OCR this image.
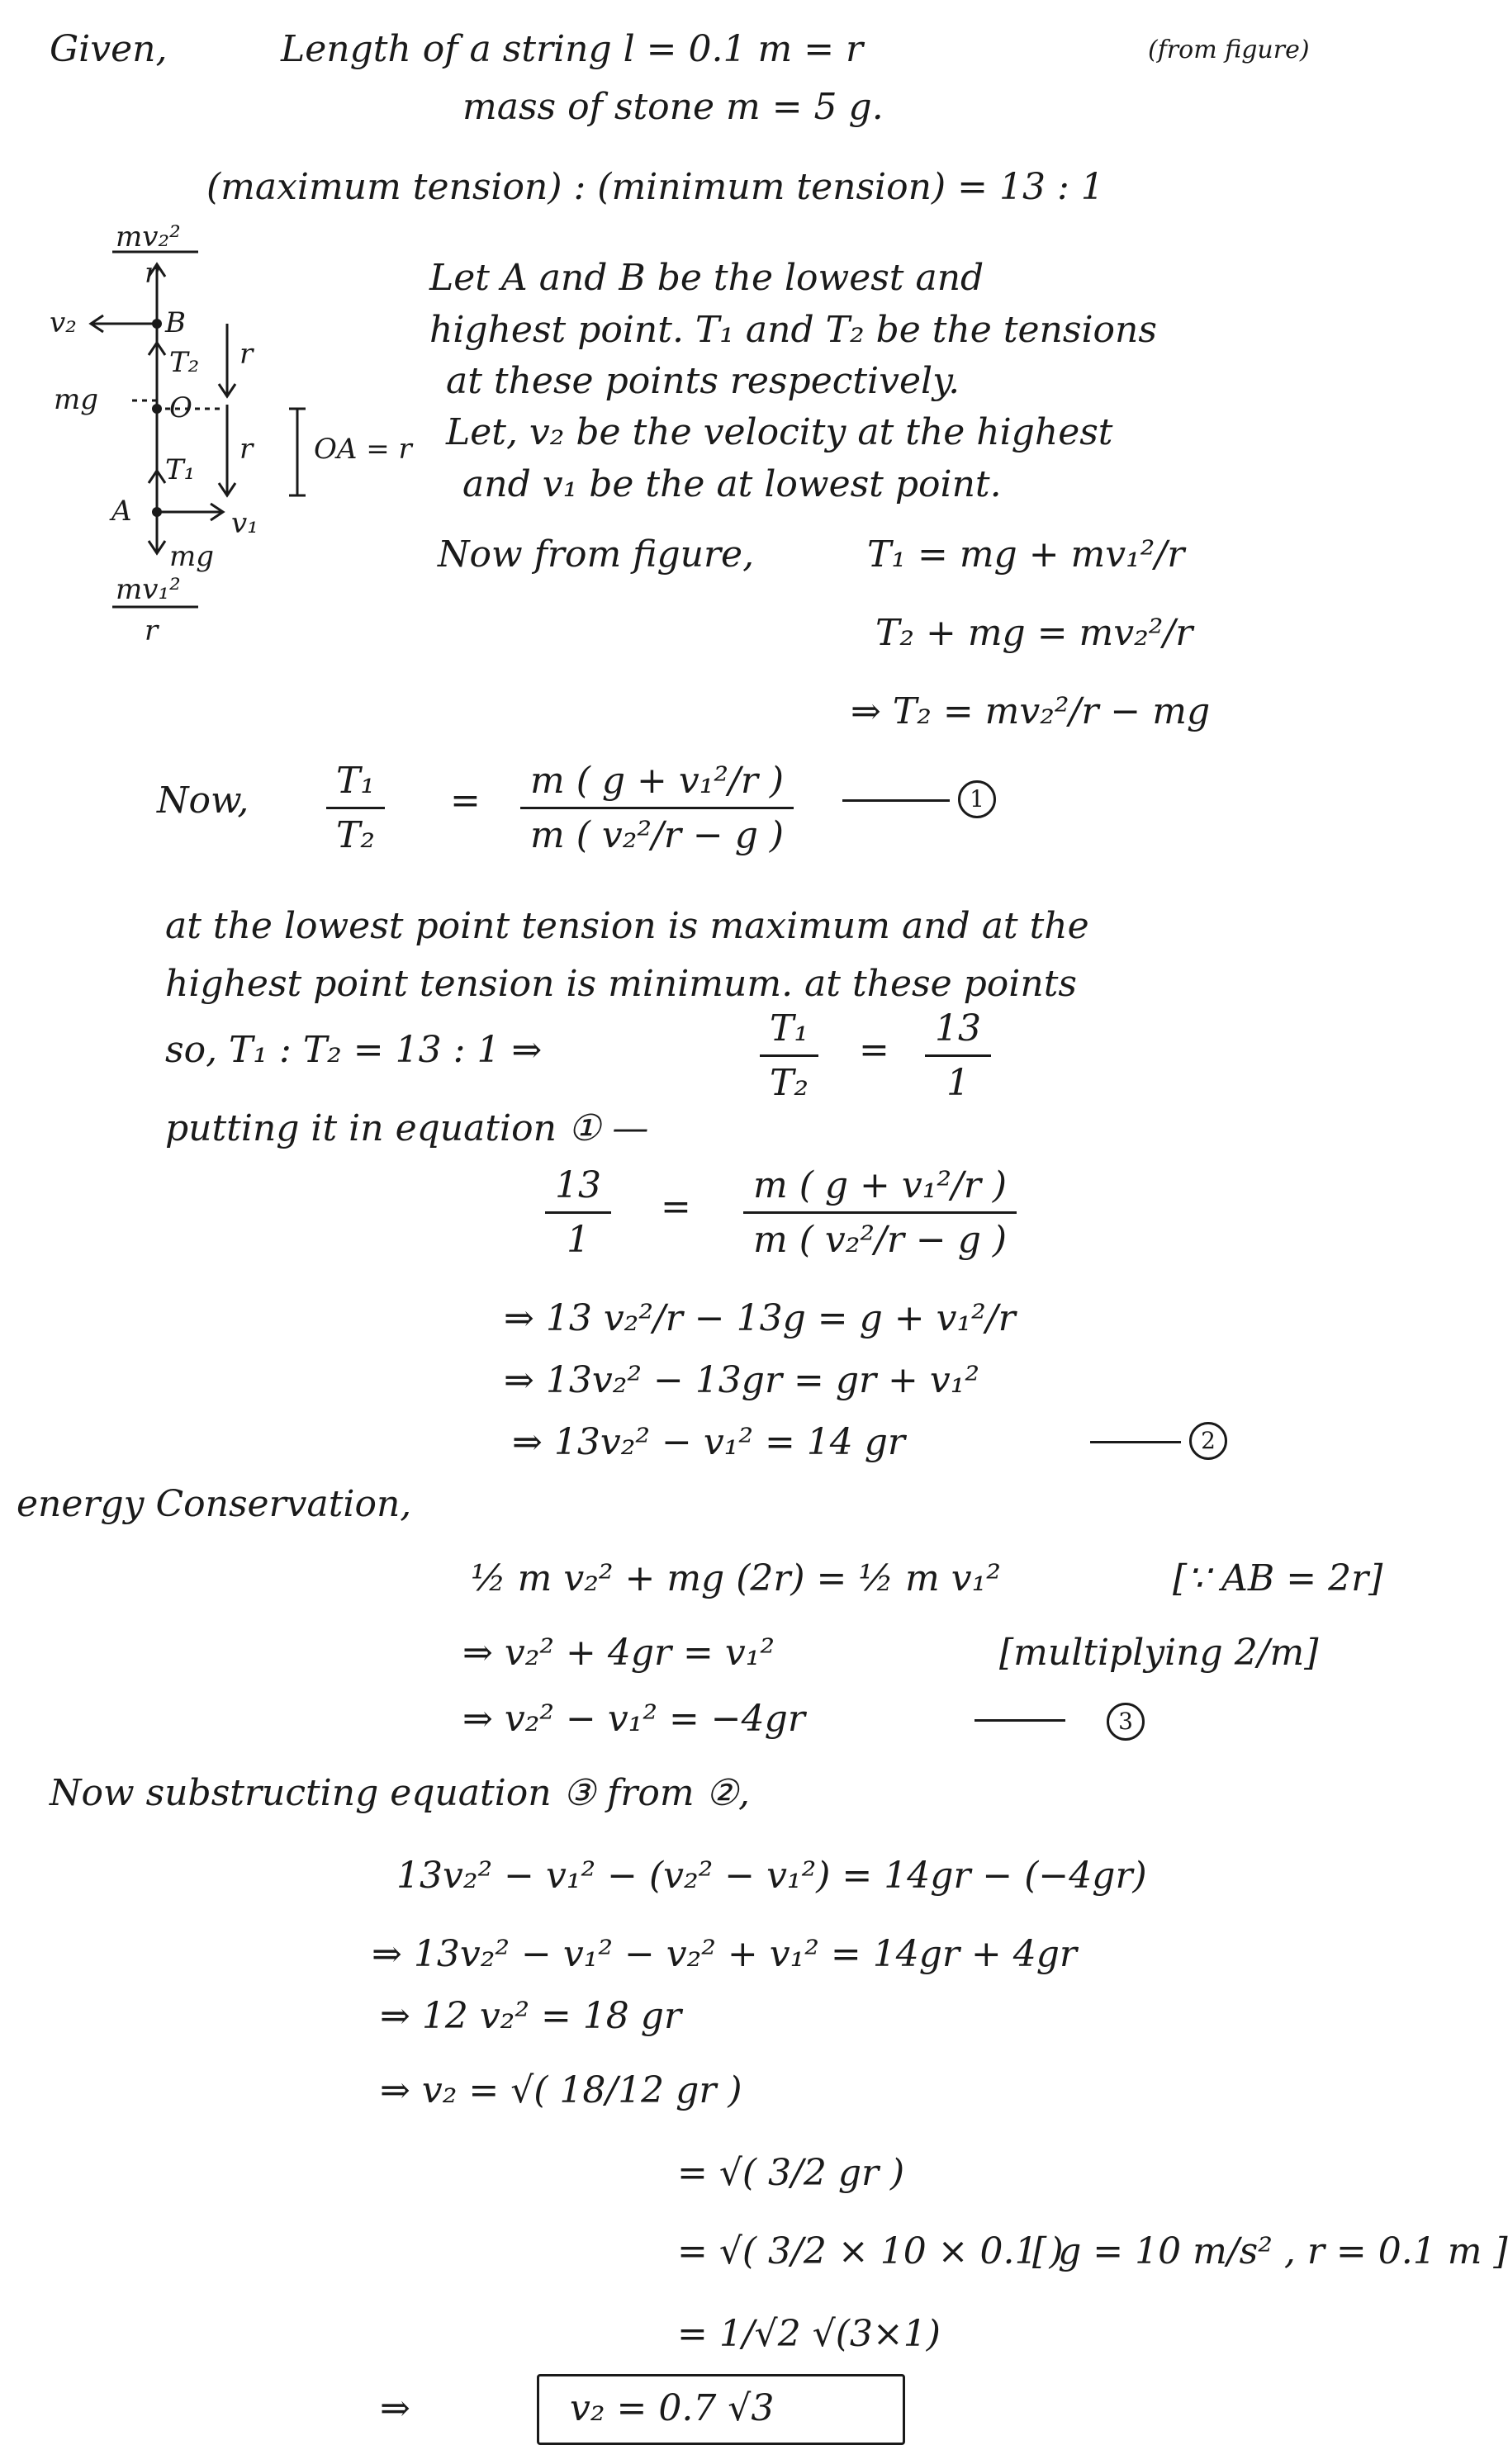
Given,	Length of a string l = 0.1 m = r	(from figure)
mass of stone m = 5 g.
(maximum tension) : (minimum tension) = 13 : 1
mv₂²
r
v₂	B
T₂ r
mg	O
r OA = r
T₁
A	v₁
mg
mv₁²
r
Let A and B be the lowest and
highest point. T₁ and T₂ be the tensions
at these points respectively.
Let, v₂ be the velocity at the highest
and v₁ be the at lowest point.
Now from figure,	T₁ = mg + mv₁²/r
T₂ + mg = mv₂²/r
⇒ T₂ = mv₂²/r − mg
Now, T₁
T₂
= m ( g + v₁²/r )
m ( v₂²/r − g )
1
at the lowest point tension is maximum and at the
highest point tension is minimum. at these points
so, T₁ : T₂ = 13 : 1 ⇒
T₁
T₂
=
13
1
putting it in equation ① —
13
1
=
m ( g + v₁²/r )
m ( v₂²/r − g )
⇒ 13 v₂²/r − 13g = g + v₁²/r
⇒ 13v₂² − 13gr = gr + v₁²
⇒ 13v₂² − v₁² = 14 gr	2
energy Conservation,
½ m v₂² + mg (2r) = ½ m v₁²	[∵ AB = 2r]
⇒ v₂² + 4gr = v₁²	[multiplying 2/m]
⇒ v₂² − v₁² = −4gr	3
Now substructing equation ③ from ②,
13v₂² − v₁² − (v₂² − v₁²) = 14gr − (−4gr)
⇒ 13v₂² − v₁² − v₂² + v₁² = 14gr + 4gr
⇒ 12 v₂² = 18 gr
⇒ v₂ = √( 18/12 gr )
= √( 3/2 gr )
= √( 3/2 × 10 × 0.1 )
[ g = 10 m/s² , r = 0.1 m ]
= 1/√2 √(3×1)
⇒	v₂ = 0.7 √3
